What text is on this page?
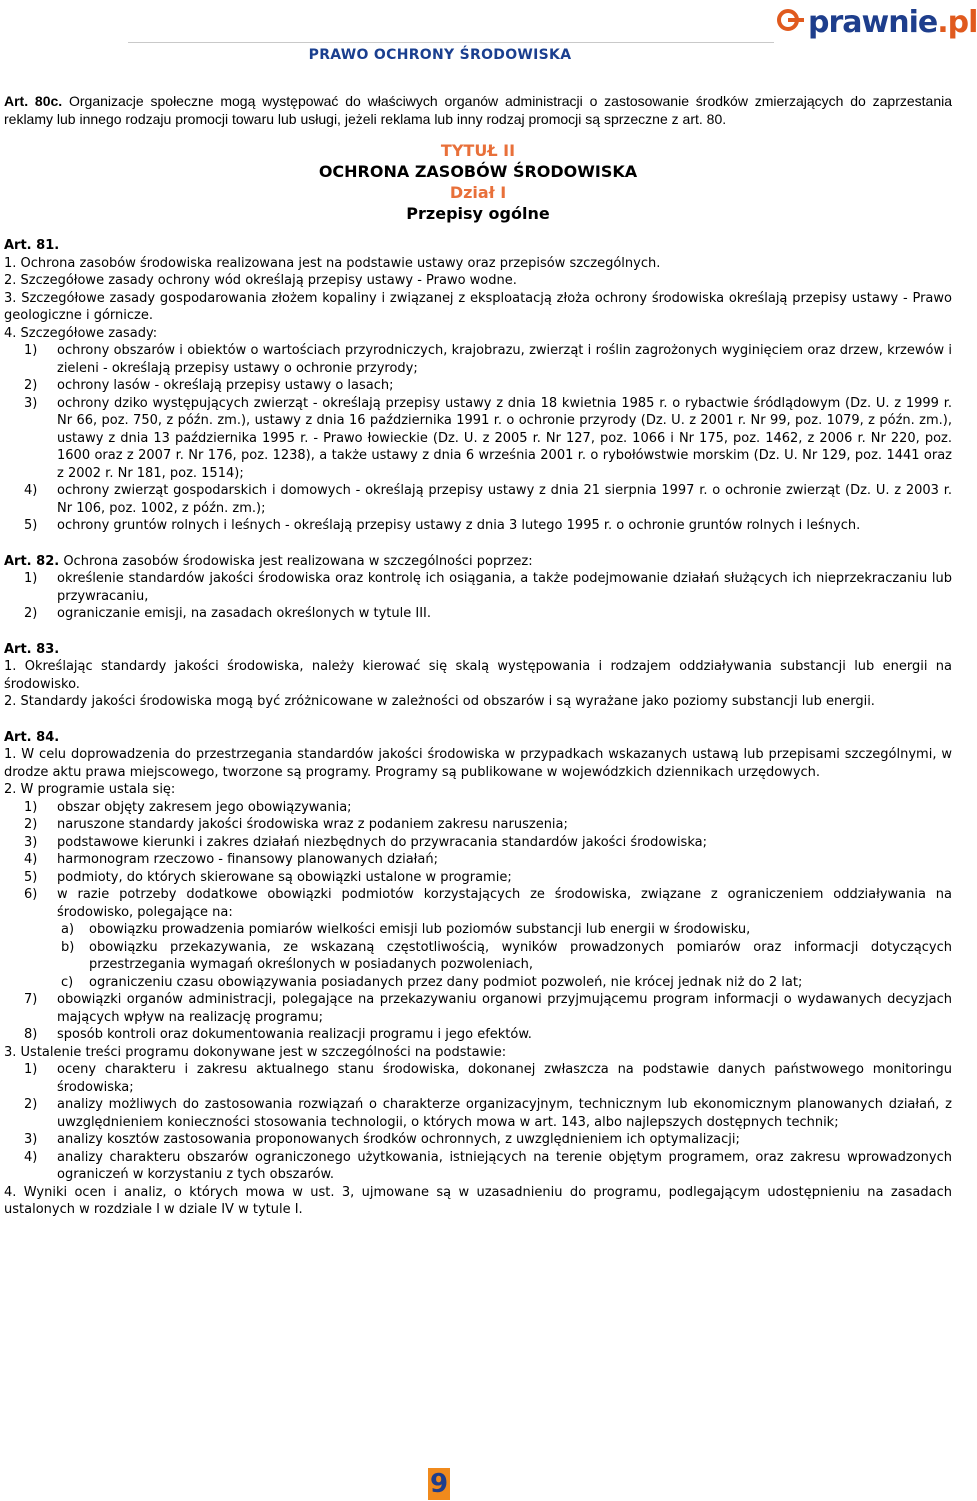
PRAWO OCHRONY ŚRODOWISKA
prawnie.pl

Art. 80c. Organizacje społeczne mogą występować do właściwych organów administracji o zastosowanie środków zmierzających do zaprzestania reklamy lub innego rodzaju promocji towaru lub usługi, jeżeli reklama lub inny rodzaj promocji są sprzeczne z art. 80.

TYTUŁ II
OCHRONA ZASOBÓW ŚRODOWISKA
Dział I
Przepisy ogólne

Art. 81.

1. Ochrona zasobów środowiska realizowana jest na podstawie ustawy oraz przepisów szczególnych.

2. Szczegółowe zasady ochrony wód określają przepisy ustawy - Prawo wodne.

3. Szczegółowe zasady gospodarowania złożem kopaliny i związanej z eksploatacją złoża ochrony środowiska określają przepisy ustawy - Prawo geologiczne i górnicze.

4. Szczegółowe zasady:

1) ochrony obszarów i obiektów o wartościach przyrodniczych, krajobrazu, zwierząt i roślin zagrożonych wyginięciem oraz drzew, krzewów i zieleni - określają przepisy ustawy o ochronie przyrody;
2) ochrony lasów - określają przepisy ustawy o lasach;
3) ochrony dziko występujących zwierząt - określają przepisy ustawy z dnia 18 kwietnia 1985 r. o rybactwie śródlądowym (Dz. U. z 1999 r. Nr 66, poz. 750, z późn. zm.), ustawy z dnia 16 października 1991 r. o ochronie przyrody (Dz. U. z 2001 r. Nr 99, poz. 1079, z późn. zm.), ustawy z dnia 13 października 1995 r. - Prawo łowieckie (Dz. U. z 2005 r. Nr 127, poz. 1066 i Nr 175, poz. 1462, z 2006 r. Nr 220, poz. 1600 oraz z 2007 r. Nr 176, poz. 1238), a także ustawy z dnia 6 września 2001 r. o rybołówstwie morskim (Dz. U. Nr 129, poz. 1441 oraz z 2002 r. Nr 181, poz. 1514);
4) ochrony zwierząt gospodarskich i domowych - określają przepisy ustawy z dnia 21 sierpnia 1997 r. o ochronie zwierząt (Dz. U. z 2003 r. Nr 106, poz. 1002, z późn. zm.);
5) ochrony gruntów rolnych i leśnych - określają przepisy ustawy z dnia 3 lutego 1995 r. o ochronie gruntów rolnych i leśnych.

Art. 82. Ochrona zasobów środowiska jest realizowana w szczególności poprzez:

1) określenie standardów jakości środowiska oraz kontrolę ich osiągania, a także podejmowanie działań służących ich nieprzekraczaniu lub przywracaniu,
2) ograniczanie emisji, na zasadach określonych w tytule III.

Art. 83.

1. Określając standardy jakości środowiska, należy kierować się skalą występowania i rodzajem oddziaływania substancji lub energii na środowisko.

2. Standardy jakości środowiska mogą być zróżnicowane w zależności od obszarów i są wyrażane jako poziomy substancji lub energii.

Art. 84.

1. W celu doprowadzenia do przestrzegania standardów jakości środowiska w przypadkach wskazanych ustawą lub przepisami szczególnymi, w drodze aktu prawa miejscowego, tworzone są programy. Programy są publikowane w wojewódzkich dziennikach urzędowych.

2. W programie ustala się:

1) obszar objęty zakresem jego obowiązywania;
2) naruszone standardy jakości środowiska wraz z podaniem zakresu naruszenia;
3) podstawowe kierunki i zakres działań niezbędnych do przywracania standardów jakości środowiska;
4) harmonogram rzeczowo - finansowy planowanych działań;
5) podmioty, do których skierowane są obowiązki ustalone w programie;
6) w razie potrzeby dodatkowe obowiązki podmiotów korzystających ze środowiska, związane z ograniczeniem oddziaływania na środowisko, polegające na:
a) obowiązku prowadzenia pomiarów wielkości emisji lub poziomów substancji lub energii w środowisku,
b) obowiązku przekazywania, ze wskazaną częstotliwością, wyników prowadzonych pomiarów oraz informacji dotyczących przestrzegania wymagań określonych w posiadanych pozwoleniach,
c) ograniczeniu czasu obowiązywania posiadanych przez dany podmiot pozwoleń, nie krócej jednak niż do 2 lat;
7) obowiązki organów administracji, polegające na przekazywaniu organowi przyjmującemu program informacji o wydawanych decyzjach mających wpływ na realizację programu;
8) sposób kontroli oraz dokumentowania realizacji programu i jego efektów.

3. Ustalenie treści programu dokonywane jest w szczególności na podstawie:

1) oceny charakteru i zakresu aktualnego stanu środowiska, dokonanej zwłaszcza na podstawie danych państwowego monitoringu środowiska;
2) analizy możliwych do zastosowania rozwiązań o charakterze organizacyjnym, technicznym lub ekonomicznym planowanych działań, z uwzględnieniem konieczności stosowania technologii, o których mowa w art. 143, albo najlepszych dostępnych technik;
3) analizy kosztów zastosowania proponowanych środków ochronnych, z uwzględnieniem ich optymalizacji;
4) analizy charakteru obszarów ograniczonego użytkowania, istniejących na terenie objętym programem, oraz zakresu wprowadzonych ograniczeń w korzystaniu z tych obszarów.

4. Wyniki ocen i analiz, o których mowa w ust. 3, ujmowane są w uzasadnieniu do programu, podlegającym udostępnieniu na zasadach ustalonych w rozdziale I w dziale IV w tytule I.

9
